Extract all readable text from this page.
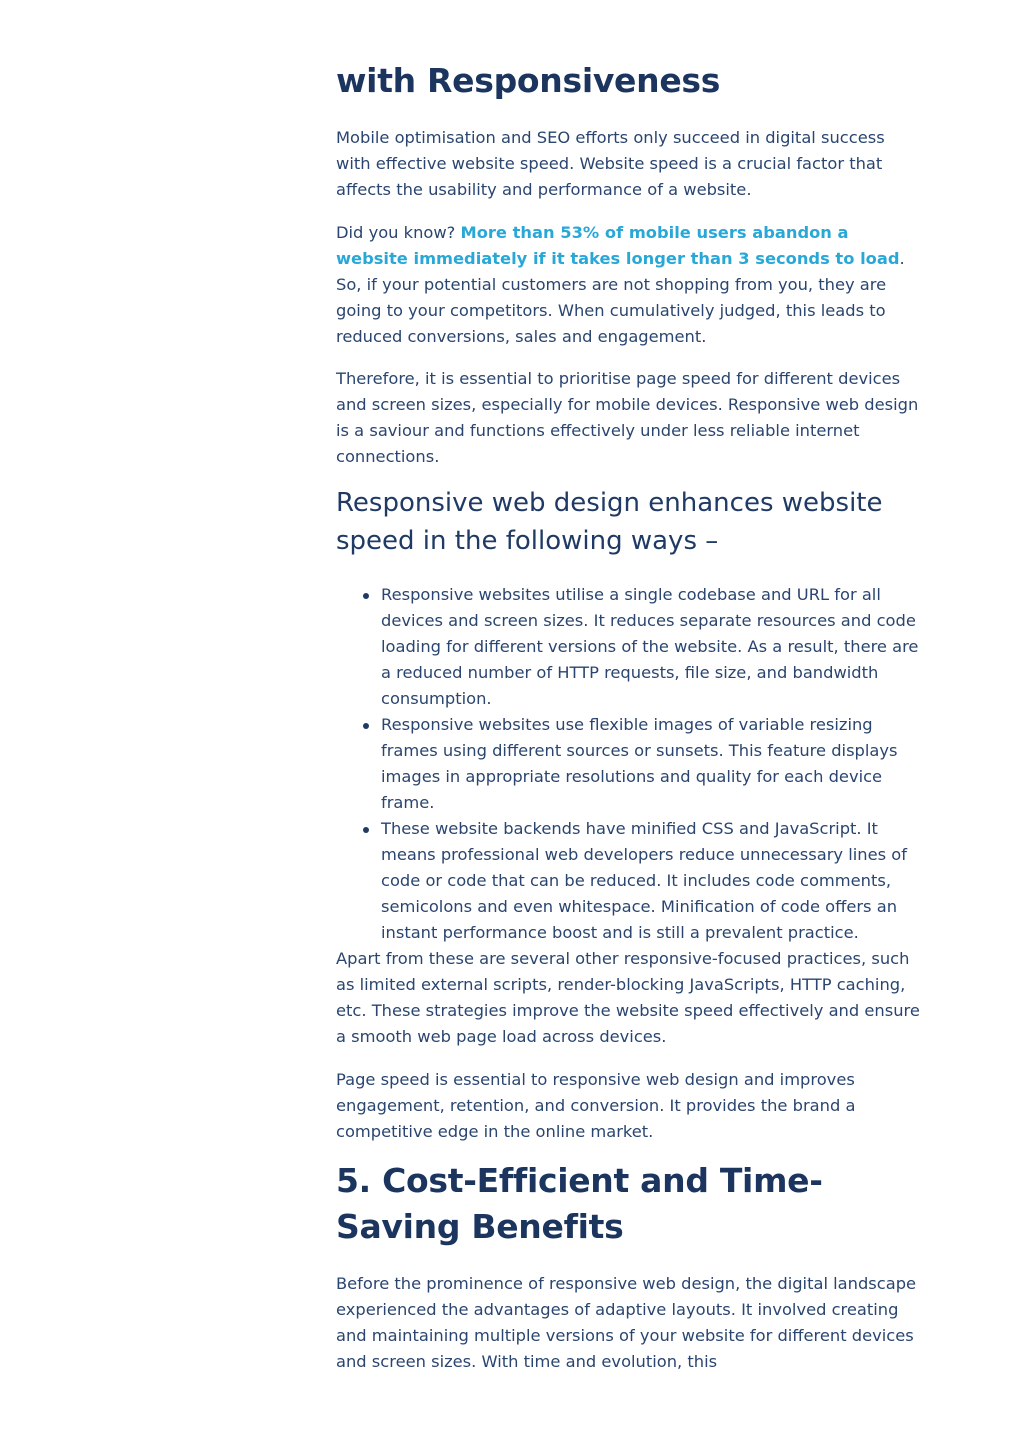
with Responsiveness

Mobile optimisation and SEO efforts only succeed in digital success with effective website speed. Website speed is a crucial factor that affects the usability and performance of a website.

Did you know? More than 53% of mobile users abandon a website immediately if it takes longer than 3 seconds to load. So, if your potential customers are not shopping from you, they are going to your competitors. When cumulatively judged, this leads to reduced conversions, sales and engagement.

Therefore, it is essential to prioritise page speed for different devices and screen sizes, especially for mobile devices. Responsive web design is a saviour and functions effectively under less reliable internet connections.

Responsive web design enhances website speed in the following ways –
Responsive websites utilise a single codebase and URL for all devices and screen sizes. It reduces separate resources and code loading for different versions of the website. As a result, there are a reduced number of HTTP requests, file size, and bandwidth consumption.
Responsive websites use flexible images of variable resizing frames using different sources or sunsets. This feature displays images in appropriate resolutions and quality for each device frame.
These website backends have minified CSS and JavaScript. It means professional web developers reduce unnecessary lines of code or code that can be reduced. It includes code comments, semicolons and even whitespace. Minification of code offers an instant performance boost and is still a prevalent practice.

Apart from these are several other responsive-focused practices, such as limited external scripts, render-blocking JavaScripts, HTTP caching, etc. These strategies improve the website speed effectively and ensure a smooth web page load across devices.

Page speed is essential to responsive web design and improves engagement, retention, and conversion. It provides the brand a competitive edge in the online market.

5. Cost-Efficient and Time-Saving Benefits

Before the prominence of responsive web design, the digital landscape experienced the advantages of adaptive layouts. It involved creating and maintaining multiple versions of your website for different devices and screen sizes. With time and evolution, this
